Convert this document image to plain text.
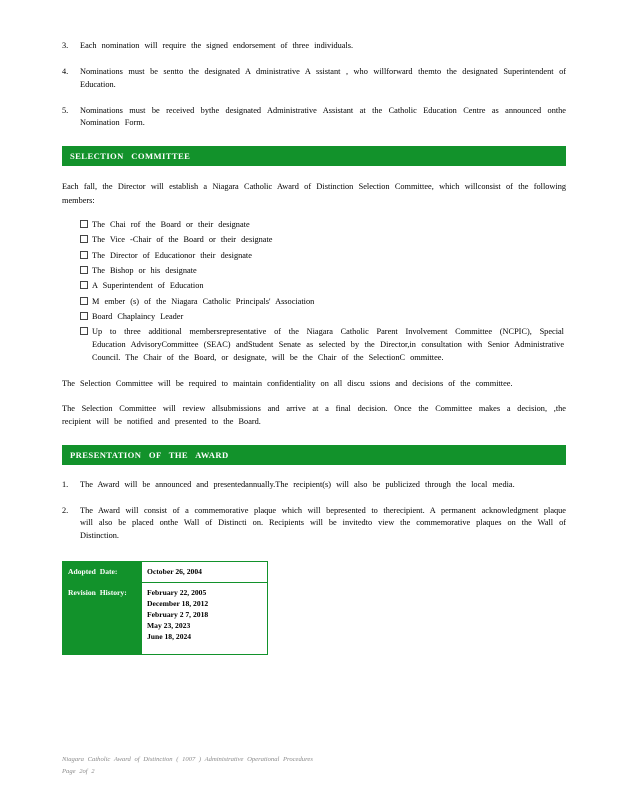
3.	Each nomination will require the signed endorsement of three individuals.
4.	Nominations must be sentto the designated A dministrative A ssistant , who willforward themto the designated Superintendent of Education.
5.	Nominations must be received bythe designated Administrative Assistant at the Catholic Education Centre as announced onthe Nomination Form.
SELECTION COMMITTEE

Each fall, the Director will establish a Niagara Catholic Award of Distinction Selection Committee, which willconsist of the following members:

The Chai rof the Board or their designate
The Vice -Chair of the Board or their designate
The Director of Educationor their designate
The Bishop or his designate
A Superintendent of Education
M ember (s) of the Niagara Catholic Principals' Association
Board Chaplaincy Leader
Up to three additional membersrepresentative of the Niagara Catholic Parent Involvement Committee (NCPIC), Special Education AdvisoryCommittee (SEAC) andStudent Senate as selected by the Director,in consultation with Senior Administrative Council. The Chair of the Board, or designate, will be the Chair of the SelectionC ommittee.

The Selection Committee will be required to maintain confidentiality on all discu ssions and decisions of the committee.

The Selection Committee will review allsubmissions and arrive at a final decision. Once the Committee makes a decision, ,the recipient will be notified and presented to the Board.

PRESENTATION OF THE AWARD
1.	The Award will be announced and presentedannually.The recipient(s) will also be publicized through the local media.
2.	The Award will consist of a commemorative plaque which will bepresented to therecipient. A permanent acknowledgment plaque will also be placed onthe Wall of Distincti on. Recipients will be invitedto view the commemorative plaques on the Wall of Distinction.
Adopted Date:	October 26, 2004
Revision History:	February 22, 2005
December 18, 2012
February 2 7, 2018
May 23, 2023
June 18, 2024
Niagara Catholic Award of Distinction ( 1007 ) Administrative Operational Procedures
Page 2of 2
